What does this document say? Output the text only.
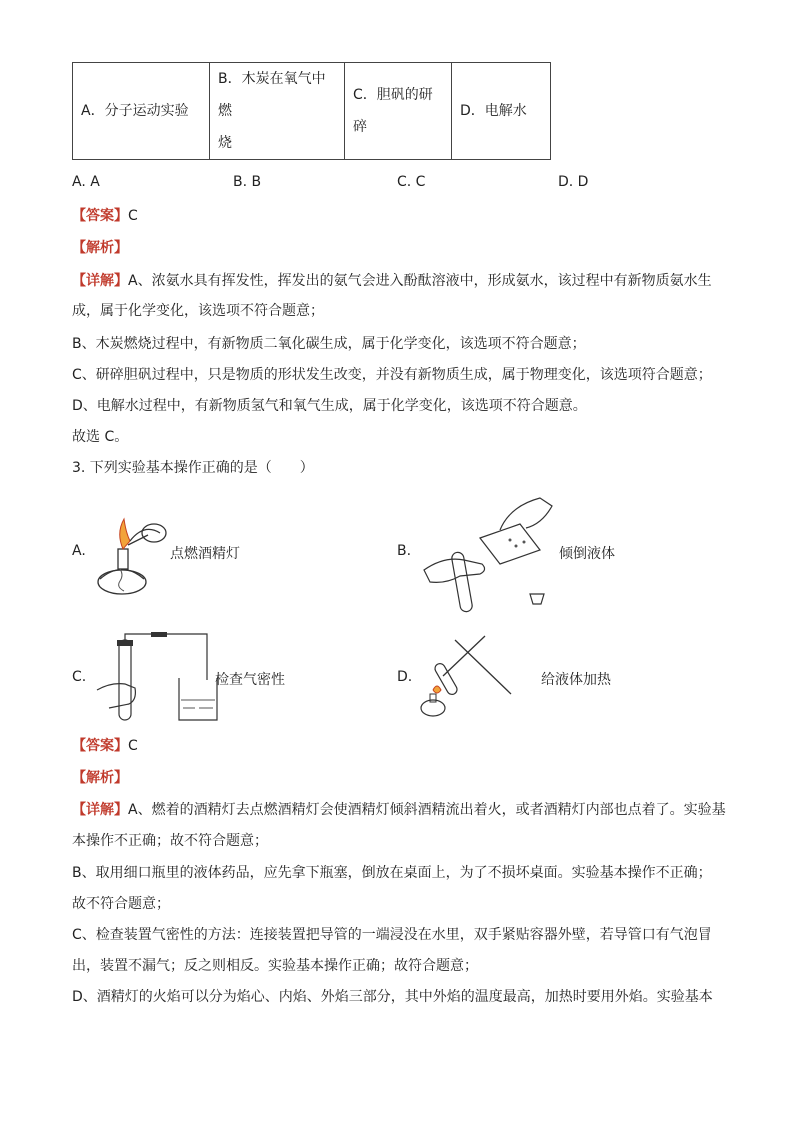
A．分子运动实验	
B．木炭在氧气中燃
烧

C．胆矾的研
碎
	D．电解水
A. A	B. B	C. C	D. D
【答案】C
【解析】
【详解】A、浓氨水具有挥发性，挥发出的氨气会进入酚酞溶液中，形成氨水，该过程中有新物质氨水生
成，属于化学变化，该选项不符合题意；
B、木炭燃烧过程中，有新物质二氧化碳生成，属于化学变化，该选项不符合题意；
C、研碎胆矾过程中，只是物质的形状发生改变，并没有新物质生成，属于物理变化，该选项符合题意；
D、电解水过程中，有新物质氢气和氧气生成，属于化学变化，该选项不符合题意。
故选 C。
3. 下列实验基本操作正确的是（　　）
A.	点燃酒精灯	B.	倾倒液体
C.	检查气密性	D.	给液体加热
【答案】C
【解析】
【详解】A、燃着的酒精灯去点燃酒精灯会使酒精灯倾斜酒精流出着火，或者酒精灯内部也点着了。实验基
本操作不正确；故不符合题意；
B、取用细口瓶里的液体药品，应先拿下瓶塞，倒放在桌面上，为了不损坏桌面。实验基本操作不正确；
故不符合题意；
C、检查装置气密性的方法：连接装置把导管的一端浸没在水里，双手紧贴容器外壁，若导管口有气泡冒
出，装置不漏气；反之则相反。实验基本操作正确；故符合题意；
D、酒精灯的火焰可以分为焰心、内焰、外焰三部分，其中外焰的温度最高，加热时要用外焰。实验基本
